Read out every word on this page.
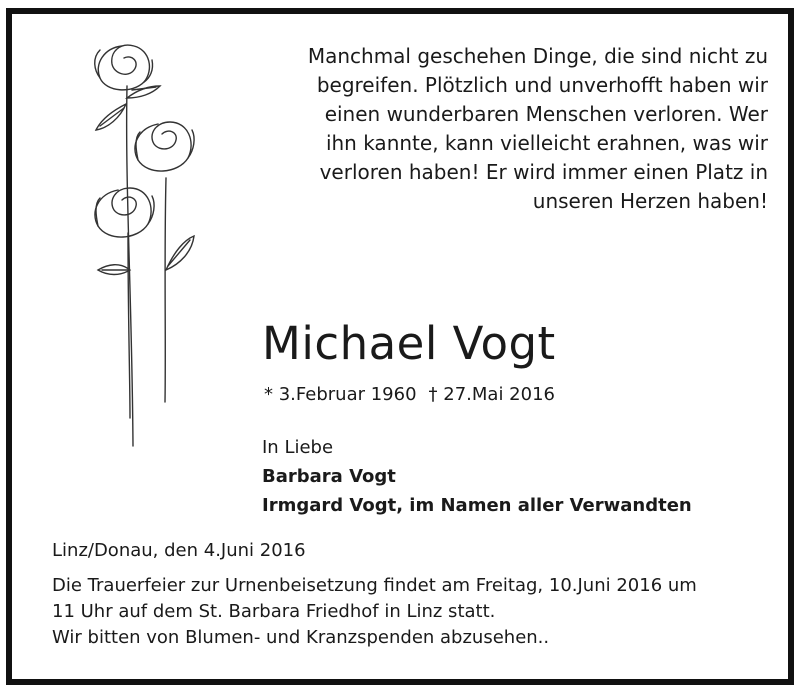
Manchmal geschehen Dinge, die sind nicht zu
begreifen. Plötzlich und unverhofft haben wir
einen wunderbaren Menschen verloren. Wer
ihn kannte, kann vielleicht erahnen, was wir
verloren haben! Er wird immer einen Platz in
unseren Herzen haben!
Michael Vogt
* 3.Februar 1960 † 27.Mai 2016
In Liebe
Barbara Vogt
Irmgard Vogt, im Namen aller Verwandten
Linz/Donau, den 4.Juni 2016
Die Trauerfeier zur Urnenbeisetzung findet am Freitag, 10.Juni 2016 um
11 Uhr auf dem St. Barbara Friedhof in Linz statt.
Wir bitten von Blumen- und Kranzspenden abzusehen..
